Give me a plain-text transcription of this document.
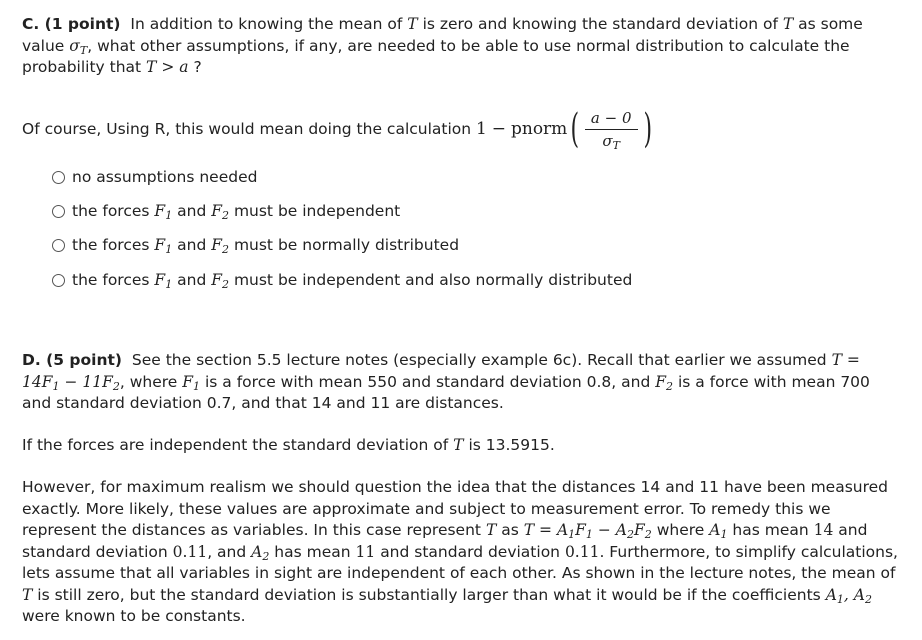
C. (1 point) In addition to knowing the mean of T is zero and knowing the standard deviation of T as some value $\sigma_T$, what other assumptions, if any, are needed to be able to use normal distribution to calculate the probability that T > a ?
Of course, Using R, this would mean doing the calculation
1
−
pnorm ( $\frac{a - 0}{\sigma_T}$ )
no assumptions needed
the forces
$F_1$
and
$F_2$
must be independent
the forces
$F_1$
and
$F_2$
must be normally distributed
the forces
$F_1$
and
$F_2$
must be independent and also normally distributed
D. (5 point) See the section 5.5 lecture notes (especially example 6c). Recall that earlier we assumed $T = 14F_1 - 11F_2$, where $F_1$ is a force with mean 550 and standard deviation 0.8, and $F_2$ is a force with mean 700 and standard deviation 0.7, and that 14 and 11 are distances.
If the forces are independent the standard deviation of T is 13.5915.
However, for maximum realism we should question the idea that the distances 14 and 11 have been measured exactly. More likely, these values are approximate and subject to measurement error. To remedy this we represent the distances as variables. In this case represent T as $T = A_1F_1 - A_2F_2$ where $A_1$ has mean 14 and standard deviation 0.11, and $A_2$ has mean 11 and standard deviation 0.11. Furthermore, to simplify calculations, lets assume that all variables in sight are independent of each other. As shown in the lecture notes, the mean of T is still zero, but the standard deviation is substantially larger than what it would be if the coefficients $A_1$, $A_2$ were known to be constants.
